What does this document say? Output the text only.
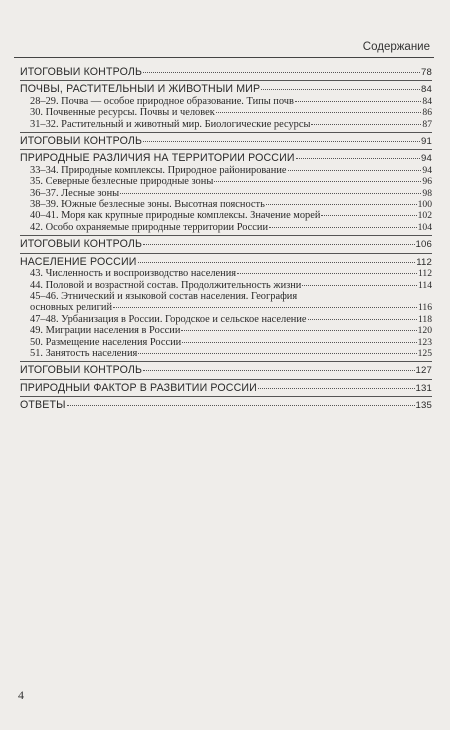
Содержание
ИТОГОВЫЙ КОНТРОЛЬ	78
ПОЧВЫ, РАСТИТЕЛЬНЫЙ И ЖИВОТНЫЙ МИР	84
28–29. Почва — особое природное образование. Типы почв	84
30. Почвенные ресурсы. Почвы и человек	86
31–32. Растительный и животный мир. Биологические ресурсы	87
ИТОГОВЫЙ КОНТРОЛЬ	91
ПРИРОДНЫЕ РАЗЛИЧИЯ НА ТЕРРИТОРИИ РОССИИ	94
33–34. Природные комплексы. Природное районирование	94
35. Северные безлесные природные зоны	96
36–37. Лесные зоны	98
38–39. Южные безлесные зоны. Высотная поясность	100
40–41. Моря как крупные природные комплексы. Значение морей	102
42. Особо охраняемые природные территории России	104
ИТОГОВЫЙ КОНТРОЛЬ	106
НАСЕЛЕНИЕ РОССИИ	112
43. Численность и воспроизводство населения	112
44. Половой и возрастной состав. Продолжительность жизни	114
45–46. Этнический и языковой состав населения. География
основных религий	116
47–48. Урбанизация в России. Городское и сельское население	118
49. Миграции населения в России	120
50. Размещение населения России	123
51. Занятость населения	125
ИТОГОВЫЙ КОНТРОЛЬ	127
ПРИРОДНЫЙ ФАКТОР В РАЗВИТИИ РОССИИ	131
ОТВЕТЫ	135
4
